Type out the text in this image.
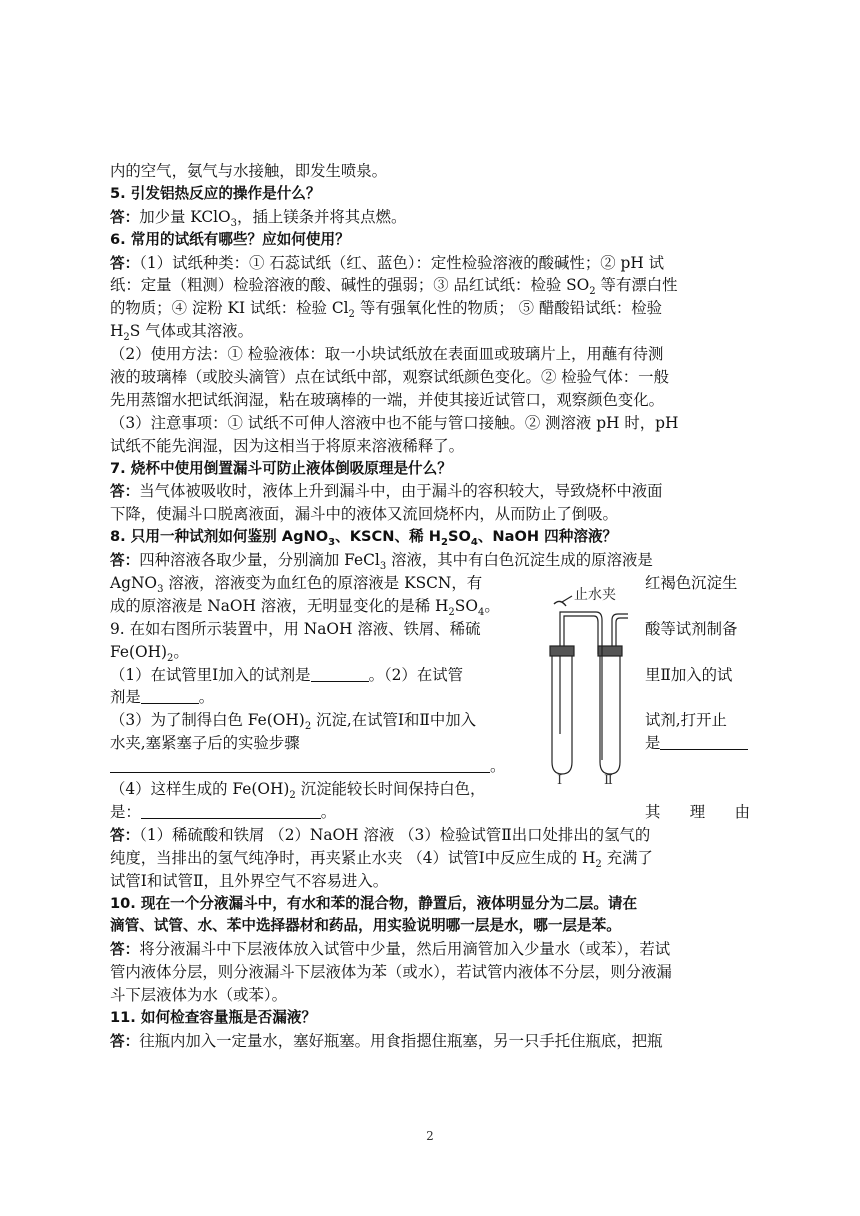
内的空气，氨气与水接触，即发生喷泉。
5. 引发铝热反应的操作是什么？
答：加少量 KClO$_3$，插上镁条并将其点燃。
6. 常用的试纸有哪些？应如何使用？
答：（1）试纸种类：① 石蕊试纸（红、蓝色）：定性检验溶液的酸碱性；② pH 试
纸：定量（粗测）检验溶液的酸、碱性的强弱；③ 品红试纸：检验 $SO_2$ 等有漂白性
的物质；④ 淀粉 KI 试纸：检验 $Cl_2$ 等有强氧化性的物质； ⑤ 醋酸铅试纸：检验
$H_2S$ 气体或其溶液。
（2）使用方法：① 检验液体：取一小块试纸放在表面皿或玻璃片上，用蘸有待测
液的玻璃棒（或胶头滴管）点在试纸中部，观察试纸颜色变化。② 检验气体：一般
先用蒸馏水把试纸润湿，粘在玻璃棒的一端，并使其接近试管口，观察颜色变化。
（3）注意事项：① 试纸不可伸人溶液中也不能与管口接触。② 测溶液 pH 时，pH
试纸不能先润湿，因为这相当于将原来溶液稀释了。
7. 烧杯中使用倒置漏斗可防止液体倒吸原理是什么？
答：当气体被吸收时，液体上升到漏斗中，由于漏斗的容积较大，导致烧杯中液面
下降，使漏斗口脱离液面，漏斗中的液体又流回烧杯内，从而防止了倒吸。
8. 只用一种试剂如何鉴别 AgNO$_3$、KSCN、稀 $H_2SO_4$、NaOH 四种溶液？
答：四种溶液各取少量，分别滴加 FeCl$_3$ 溶液，其中有白色沉淀生成的原溶液是
AgNO$_3$ 溶液，溶液变为血红色的原溶液是 KSCN，有	红褐色沉淀生
成的原溶液是 NaOH 溶液，无明显变化的是稀 $H_2SO_4$。
9. 在如右图所示装置中，用 NaOH 溶液、铁屑、稀硫	酸等试剂制备
$Fe(OH)_2$。
（1）在试管里Ⅰ加入的试剂是	。（2）在试管	里Ⅱ加入的试
剂是	。
（3）为了制得白色 $Fe(OH)_2$ 沉淀,在试管Ⅰ和Ⅱ中加入	试剂,打开止
水夹,塞紧塞子后的实验步骤	是
。
（4）这样生成的 $Fe(OH)_2$ 沉淀能较长时间保持白色，
其 理 由
是：	。
答：（1）稀硫酸和铁屑 （2）NaOH 溶液 （3）检验试管Ⅱ出口处排出的氢气的
纯度，当排出的氢气纯净时，再夹紧止水夹 （4）试管Ⅰ中反应生成的 $H_2$ 充满了
试管Ⅰ和试管Ⅱ，且外界空气不容易进入。
10. 现在一个分液漏斗中，有水和苯的混合物，静置后，液体明显分为二层。请在
滴管、试管、水、苯中选择器材和药品，用实验说明哪一层是水，哪一层是苯。
答：将分液漏斗中下层液体放入试管中少量，然后用滴管加入少量水（或苯），若试
管内液体分层，则分液漏斗下层液体为苯（或水），若试管内液体不分层，则分液漏
斗下层液体为水（或苯）。
11. 如何检查容量瓶是否漏液？
答：往瓶内加入一定量水，塞好瓶塞。用食指摁住瓶塞，另一只手托住瓶底，把瓶
止水夹
Ⅰ	Ⅱ
2
